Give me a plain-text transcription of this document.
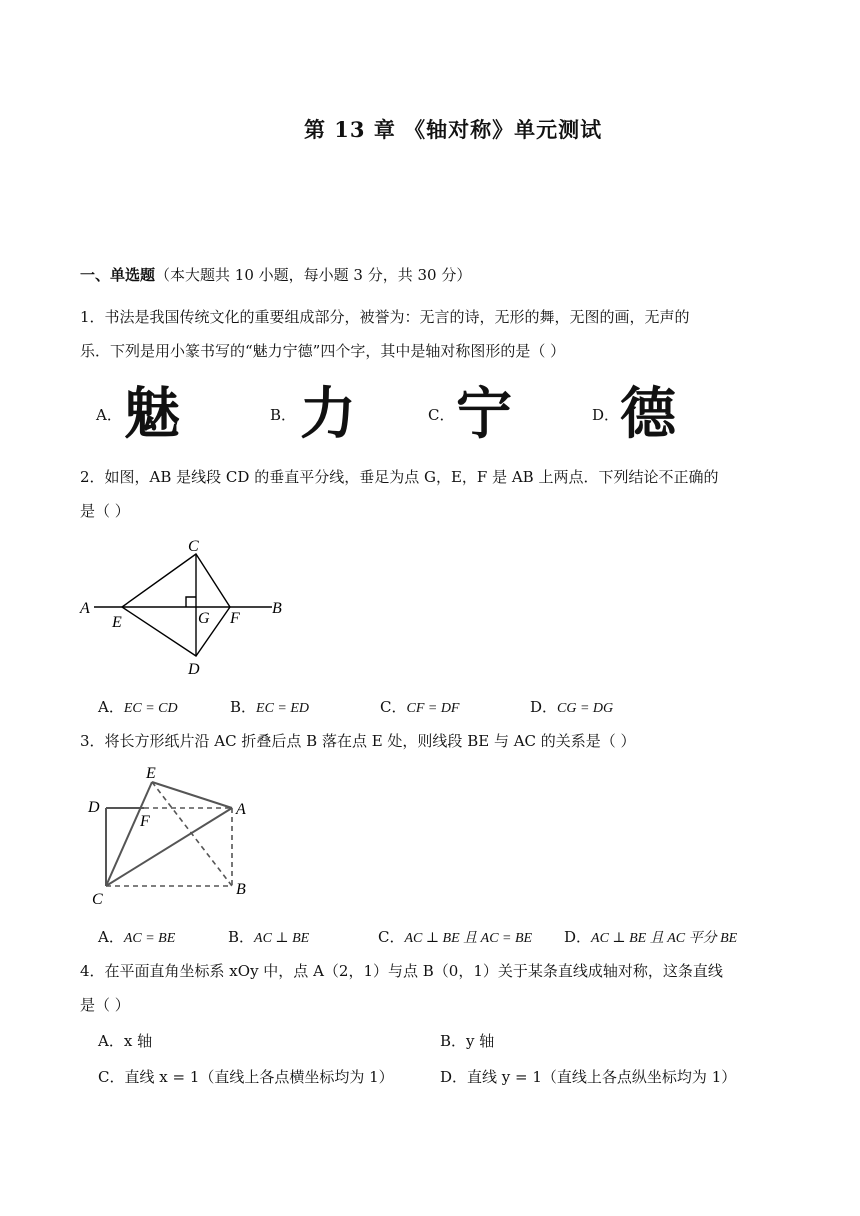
第 13 章 《轴对称》单元测试
一、单选题（本大题共 10 小题，每小题 3 分，共 30 分）
1．书法是我国传统文化的重要组成部分，被誉为：无言的诗，无形的舞，无图的画，无声的
乐．下列是用小篆书写的“魅力宁德”四个字，其中是轴对称图形的是（ ）
A． 魅	B． 力	C． 宁	D． 德
2．如图，AB 是线段 CD 的垂直平分线，垂足为点 G，E，F 是 AB 上两点．下列结论不正确的
是（ ）
C
A	B
E	G F
D
A．EC = CD	B．EC = ED	C．CF = DF	D．CG = DG
3．将长方形纸片沿 AC 折叠后点 B 落在点 E 处，则线段 BE 与 AC 的关系是（ ）
E
D	A
F
C
B
A．AC = BE	B．AC ⊥ BE	C．AC ⊥ BE 且 AC = BE D．AC ⊥ BE 且 AC 平分 BE
4．在平面直角坐标系 xOy 中，点 A（2，1）与点 B（0，1）关于某条直线成轴对称，这条直线
是（ ）
A．x 轴	B．y 轴
C．直线 x = 1（直线上各点横坐标均为 1）	D．直线 y = 1（直线上各点纵坐标均为 1）
